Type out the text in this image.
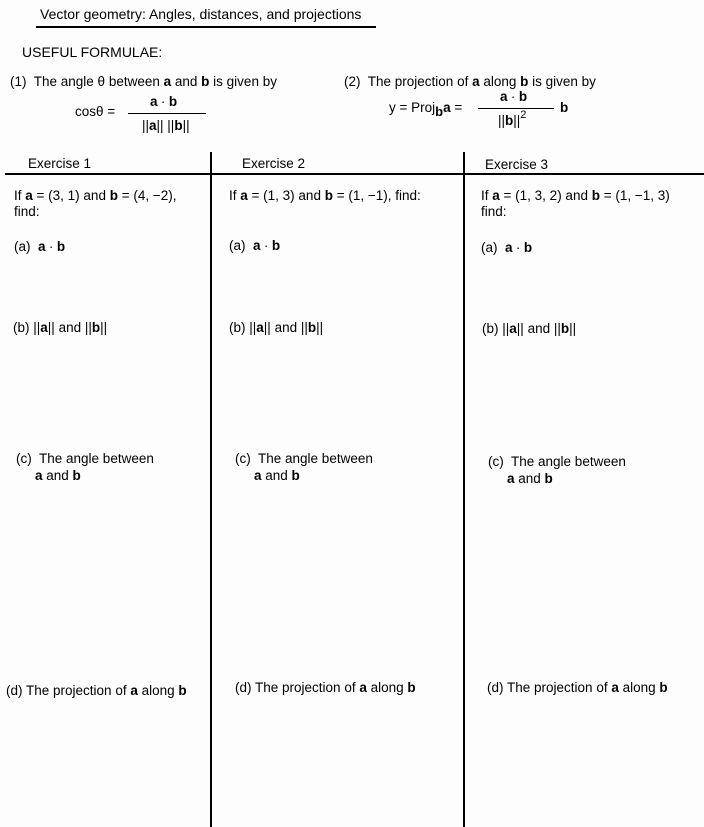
Vector geometry: Angles, distances, and projections
USEFUL FORMULAE:
(1) The angle θ between a and b is given by
cosθ =
a ∙ b
||a|| ||b||
(2) The projection of a along b is given by
y = Proj$_b$a =
a ∙ b
$||b||^2$ b
Exercise 1
If a = (3, 1) and b = (4, −2),
find:
(a) a ∙ b
(b) ||a|| and ||b||
(c) The angle between
a and b
(d) The projection of a along b
Exercise 2
If a = (1, 3) and b = (1, −1), find:
(a) a ∙ b
(b) ||a|| and ||b||
(c) The angle between
a and b
(d) The projection of a along b
Exercise 3
If a = (1, 3, 2) and b = (1, −1, 3)
find:
(a) a ∙ b
(b) ||a|| and ||b||
(c) The angle between
a and b
(d) The projection of a along b
